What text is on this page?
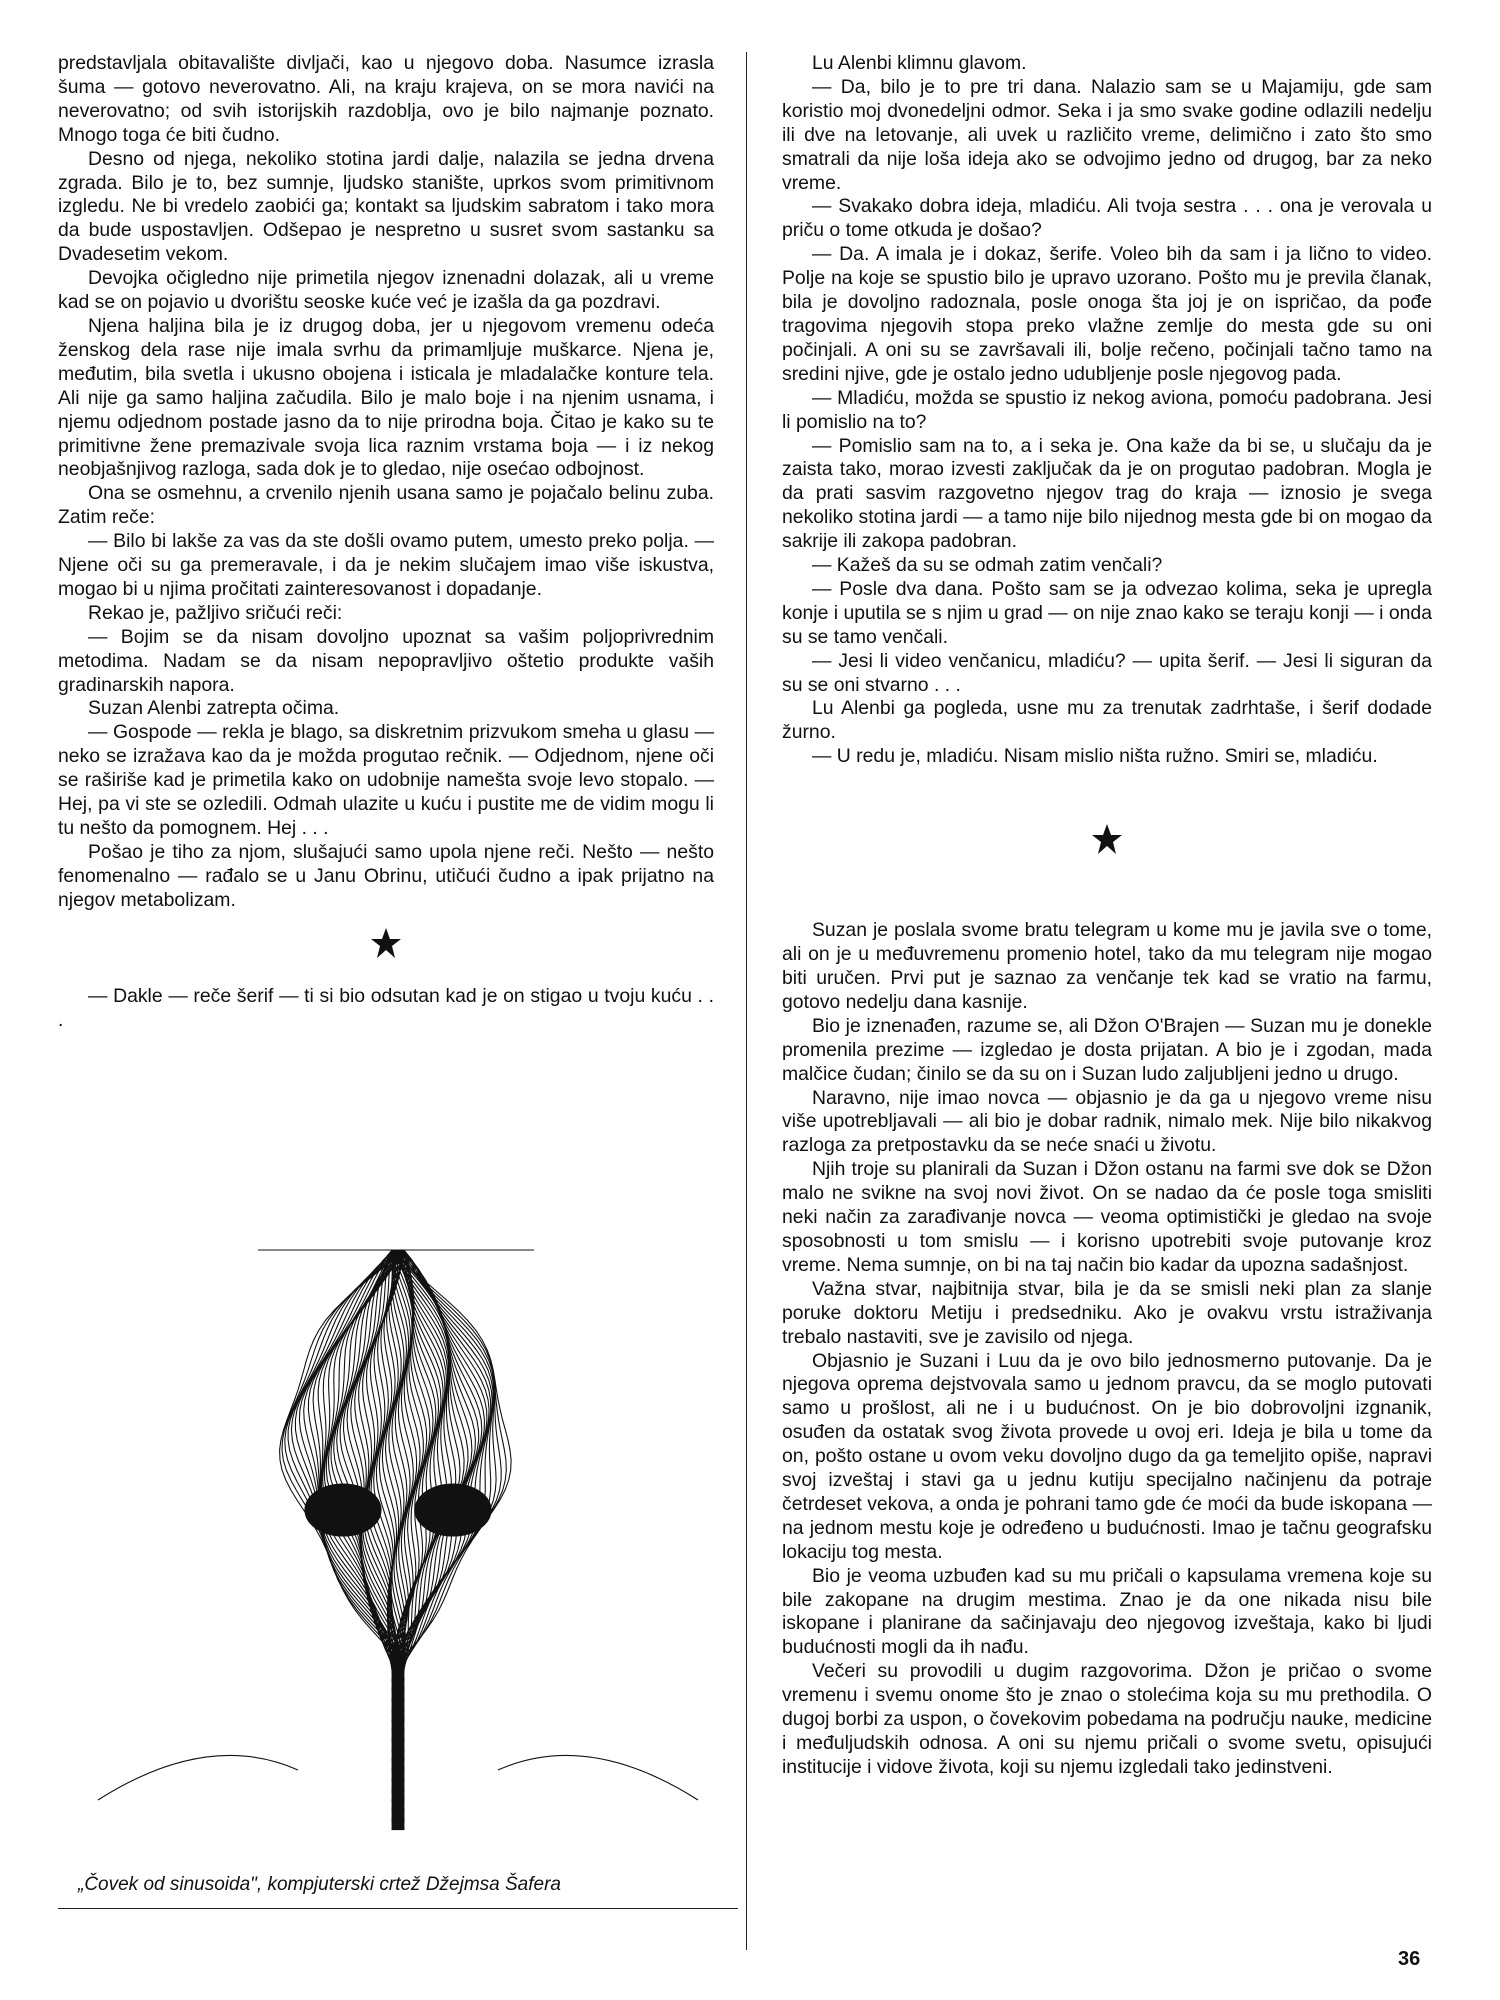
predstavljala obitavalište divljači, kao u njegovo doba. Nasumce izrasla šuma — gotovo neverovatno. Ali, na kraju krajeva, on se mora navići na neverovatno; od svih istorijskih razdoblja, ovo je bilo najmanje poznato. Mnogo toga će biti čudno.

Desno od njega, nekoliko stotina jardi dalje, nalazila se jedna drvena zgrada. Bilo je to, bez sumnje, ljudsko stanište, uprkos svom primitivnom izgledu. Ne bi vredelo zaobići ga; kontakt sa ljudskim sabratom i tako mora da bude uspostavljen. Odšepao je nespretno u susret svom sastanku sa Dvadesetim vekom.

Devojka očigledno nije primetila njegov iznenadni dolazak, ali u vreme kad se on pojavio u dvorištu seoske kuće već je izašla da ga pozdravi.

Njena haljina bila je iz drugog doba, jer u njegovom vremenu odeća ženskog dela rase nije imala svrhu da primamljuje muškarce. Njena je, međutim, bila svetla i ukusno obojena i isticala je mladalačke konture tela. Ali nije ga samo haljina začudila. Bilo je malo boje i na njenim usnama, i njemu odjednom postade jasno da to nije prirodna boja. Čitao je kako su te primitivne žene premazivale svoja lica raznim vrstama boja — i iz nekog neobjašnjivog razloga, sada dok je to gledao, nije osećao odbojnost.

Ona se osmehnu, a crvenilo njenih usana samo je pojačalo belinu zuba. Zatim reče:

— Bilo bi lakše za vas da ste došli ovamo putem, umesto preko polja. — Njene oči su ga premeravale, i da je nekim slučajem imao više iskustva, mogao bi u njima pročitati zainteresovanost i dopadanje.

Rekao je, pažljivo sričući reči:

— Bojim se da nisam dovoljno upoznat sa vašim poljoprivrednim metodima. Nadam se da nisam nepopravljivo oštetio produkte vaših gradinarskih napora.

Suzan Alenbi zatrepta očima.

— Gospode — rekla je blago, sa diskretnim prizvukom smeha u glasu — neko se izražava kao da je možda progutao rečnik. — Odjednom, njene oči se raširiše kad je primetila kako on udobnije namešta svoje levo stopalo. — Hej, pa vi ste se ozledili. Odmah ulazite u kuću i pustite me de vidim mogu li tu nešto da pomognem. Hej . . .

Pošao je tiho za njom, slušajući samo upola njene reči. Nešto — nešto fenomenalno — rađalo se u Janu Obrinu, utičući čudno a ipak prijatno na njegov metabolizam.

— Dakle — reče šerif — ti si bio odsutan kad je on stigao u tvoju kuću . . .

„Čovek od sinusoida", kompjuterski crtež Džejmsa Šafera

Lu Alenbi klimnu glavom.

— Da, bilo je to pre tri dana. Nalazio sam se u Majamiju, gde sam koristio moj dvonedeljni odmor. Seka i ja smo svake godine odlazili nedelju ili dve na letovanje, ali uvek u različito vreme, delimično i zato što smo smatrali da nije loša ideja ako se odvojimo jedno od drugog, bar za neko vreme.

— Svakako dobra ideja, mladiću. Ali tvoja sestra . . . ona je verovala u priču o tome otkuda je došao?

— Da. A imala je i dokaz, šerife. Voleo bih da sam i ja lično to video. Polje na koje se spustio bilo je upravo uzorano. Pošto mu je previla članak, bila je dovoljno radoznala, posle onoga šta joj je on ispričao, da pođe tragovima njegovih stopa preko vlažne zemlje do mesta gde su oni počinjali. A oni su se završavali ili, bolje rečeno, počinjali tačno tamo na sredini njive, gde je ostalo jedno udubljenje posle njegovog pada.

— Mladiću, možda se spustio iz nekog aviona, pomoću padobrana. Jesi li pomislio na to?

— Pomislio sam na to, a i seka je. Ona kaže da bi se, u slučaju da je zaista tako, morao izvesti zaključak da je on progutao padobran. Mogla je da prati sasvim razgovetno njegov trag do kraja — iznosio je svega nekoliko stotina jardi — a tamo nije bilo nijednog mesta gde bi on mogao da sakrije ili zakopa padobran.

— Kažeš da su se odmah zatim venčali?

— Posle dva dana. Pošto sam se ja odvezao kolima, seka je upregla konje i uputila se s njim u grad — on nije znao kako se teraju konji — i onda su se tamo venčali.

— Jesi li video venčanicu, mladiću? — upita šerif. — Jesi li siguran da su se oni stvarno . . .

Lu Alenbi ga pogleda, usne mu za trenutak zadrhtaše, i šerif dodade žurno.

— U redu je, mladiću. Nisam mislio ništa ružno. Smiri se, mladiću.

Suzan je poslala svome bratu telegram u kome mu je javila sve o tome, ali on je u međuvremenu promenio hotel, tako da mu telegram nije mogao biti uručen. Prvi put je saznao za venčanje tek kad se vratio na farmu, gotovo nedelju dana kasnije.

Bio je iznenađen, razume se, ali Džon O'Brajen — Suzan mu je donekle promenila prezime — izgledao je dosta prijatan. A bio je i zgodan, mada malčice čudan; činilo se da su on i Suzan ludo zaljubljeni jedno u drugo.

Naravno, nije imao novca — objasnio je da ga u njegovo vreme nisu više upotrebljavali — ali bio je dobar radnik, nimalo mek. Nije bilo nikakvog razloga za pretpostavku da se neće snaći u životu.

Njih troje su planirali da Suzan i Džon ostanu na farmi sve dok se Džon malo ne svikne na svoj novi život. On se nadao da će posle toga smisliti neki način za zarađivanje novca — veoma optimistički je gledao na svoje sposobnosti u tom smislu — i korisno upotrebiti svoje putovanje kroz vreme. Nema sumnje, on bi na taj način bio kadar da upozna sadašnjost.

Važna stvar, najbitnija stvar, bila je da se smisli neki plan za slanje poruke doktoru Metiju i predsedniku. Ako je ovakvu vrstu istraživanja trebalo nastaviti, sve je zavisilo od njega.

Objasnio je Suzani i Luu da je ovo bilo jednosmerno putovanje. Da je njegova oprema dejstvovala samo u jednom pravcu, da se moglo putovati samo u prošlost, ali ne i u budućnost. On je bio dobrovoljni izgnanik, osuđen da ostatak svog života provede u ovoj eri. Ideja je bila u tome da on, pošto ostane u ovom veku dovoljno dugo da ga temeljito opiše, napravi svoj izveštaj i stavi ga u jednu kutiju specijalno načinjenu da potraje četrdeset vekova, a onda je pohrani tamo gde će moći da bude iskopana — na jednom mestu koje je određeno u budućnosti. Imao je tačnu geografsku lokaciju tog mesta.

Bio je veoma uzbuđen kad su mu pričali o kapsulama vremena koje su bile zakopane na drugim mestima. Znao je da one nikada nisu bile iskopane i planirane da sačinjavaju deo njegovog izveštaja, kako bi ljudi budućnosti mogli da ih nađu.

Večeri su provodili u dugim razgovorima. Džon je pričao o svome vremenu i svemu onome što je znao o stolećima koja su mu prethodila. O dugoj borbi za uspon, o čovekovim pobedama na području nauke, medicine i međuljudskih odnosa. A oni su njemu pričali o svome svetu, opisujući institucije i vidove života, koji su njemu izgledali tako jedinstveni.

36
